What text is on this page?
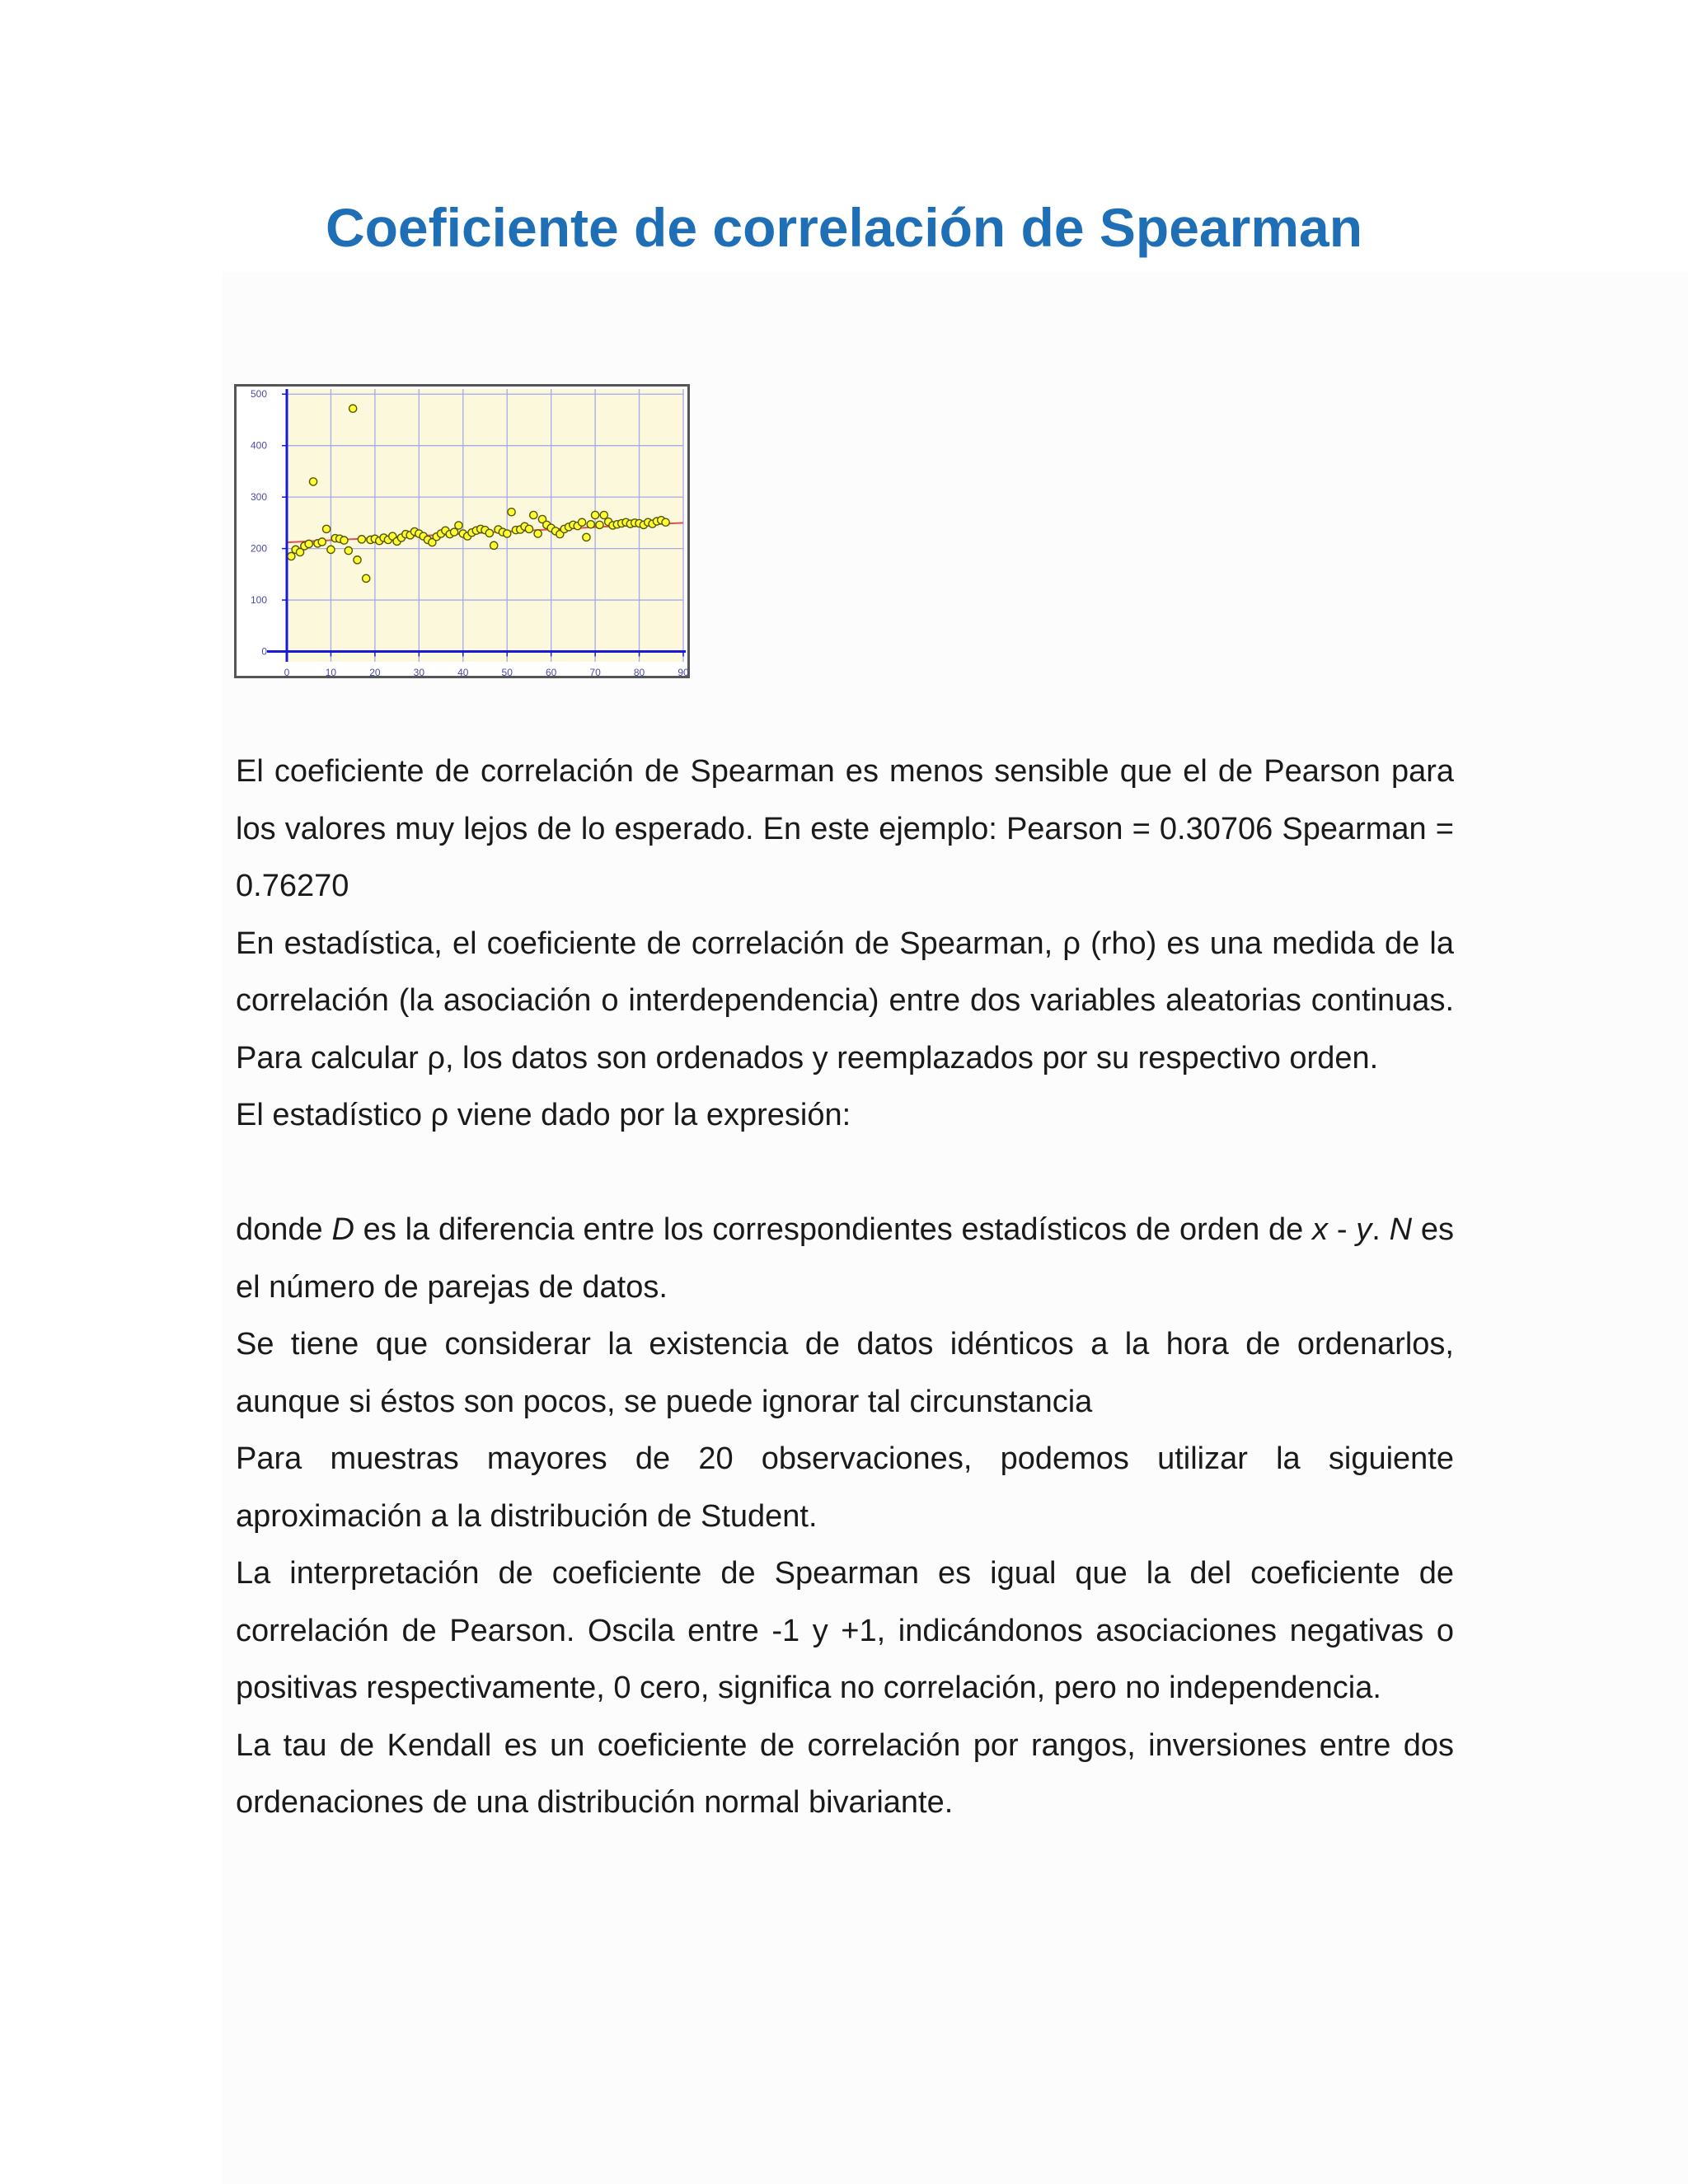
Coeficiente de correlación de Spearman
0	10	20	30	40	50	60	70	80	90
0
100
200
300
400
500

El coeficiente de correlación de Spearman es menos sensible que el de Pearson para los valores muy lejos de lo esperado. En este ejemplo: Pearson = 0.30706 Spearman = 0.76270

En estadística, el coeficiente de correlación de Spearman, ρ (rho) es una medida de la correlación (la asociación o interdependencia) entre dos variables aleatorias continuas. Para calcular ρ, los datos son ordenados y reemplazados por su respectivo orden.

El estadístico ρ viene dado por la expresión:

donde D es la diferencia entre los correspondientes estadísticos de orden de x - y. N es el número de parejas de datos.

Se tiene que considerar la existencia de datos idénticos a la hora de ordenarlos, aunque si éstos son pocos, se puede ignorar tal circunstancia

Para muestras mayores de 20 observaciones, podemos utilizar la siguiente aproximación a la distribución de Student.

La interpretación de coeficiente de Spearman es igual que la del coeficiente de correlación de Pearson. Oscila entre -1 y +1, indicándonos asociaciones negativas o positivas respectivamente, 0 cero, significa no correlación, pero no independencia.

La tau de Kendall es un coeficiente de correlación por rangos, inversiones entre dos ordenaciones de una distribución normal bivariante.
